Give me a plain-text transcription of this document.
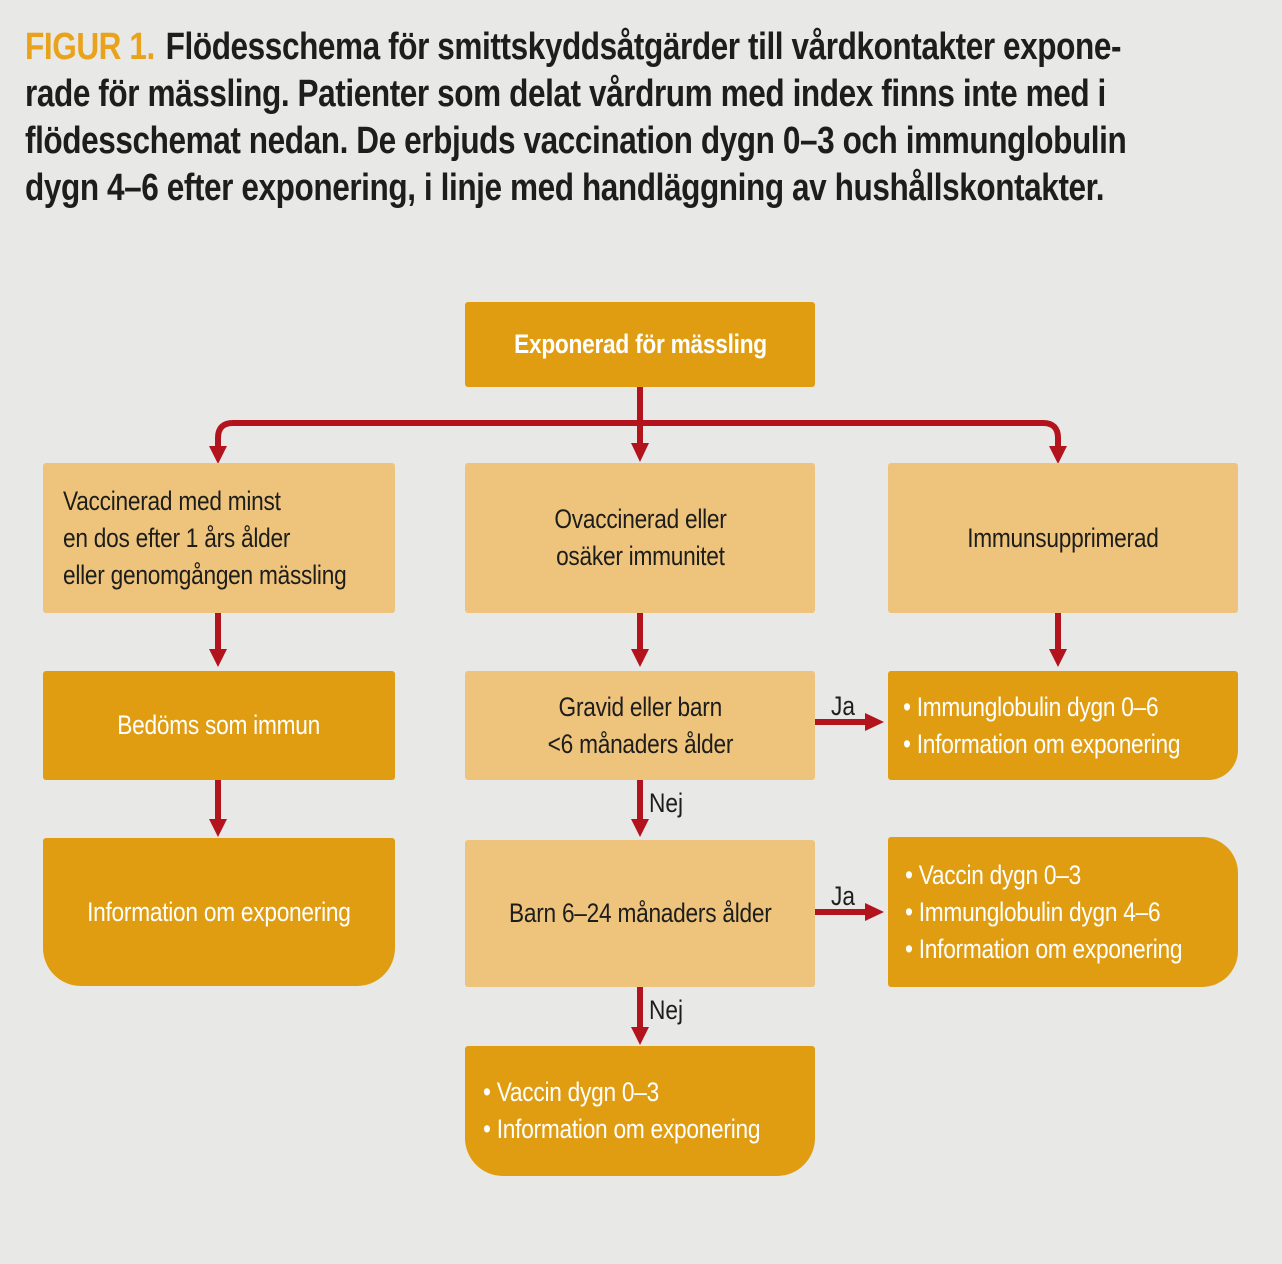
FIGUR 1. Flödesschema för smittskyddsåtgärder till vårdkontakter expone-
rade för mässling. Patienter som delat vårdrum med index finns inte med i
flödesschemat nedan. De erbjuds vaccination dygn 0–3 och immunglobulin
dygn 4–6 efter exponering, i linje med handläggning av hushållskontakter.
Exponerad för mässling
Vaccinerad med minst
en dos efter 1 års ålder
eller genomgången mässling
Ovaccinerad eller
osäker immunitet
Immunsupprimerad
Bedöms som immun
Gravid eller barn
<6 månaders ålder
• Immunglobulin dygn 0–6
• Information om exponering
Ja
Nej
Information om exponering	Barn 6–24 månaders ålder
• Vaccin dygn 0–3
• Immunglobulin dygn 4–6
• Information om exponering
Ja
Nej
• Vaccin dygn 0–3
• Information om exponering
